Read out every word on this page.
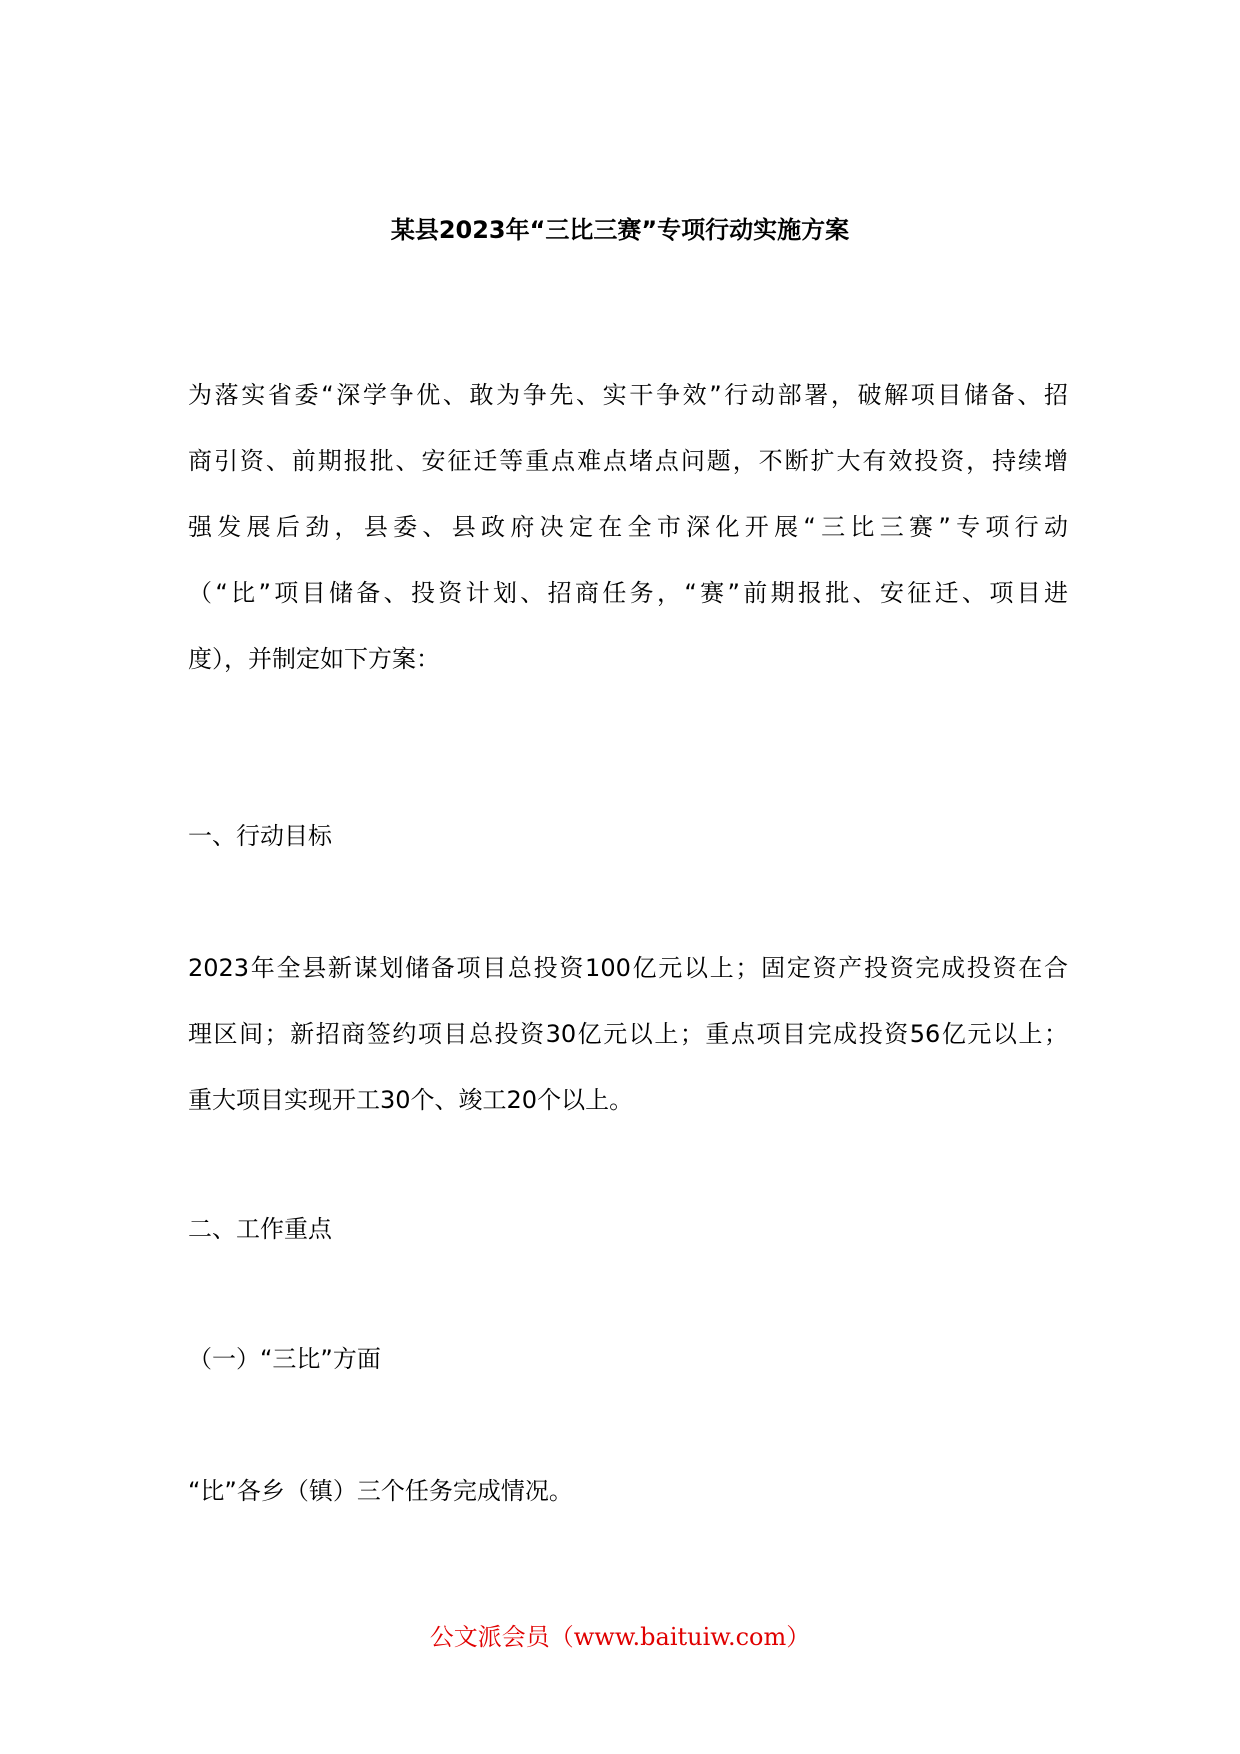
某县2023年“三比三赛”专项行动实施方案
为落实省委“深学争优、敢为争先、实干争效”行动部署，破解项目储备、招
商引资、前期报批、安征迁等重点难点堵点问题，不断扩大有效投资，持续增
强发展后劲，县委、县政府决定在全市深化开展“三比三赛”专项行动
（“比”项目储备、投资计划、招商任务，“赛”前期报批、安征迁、项目进
度），并制定如下方案：
一、行动目标
2023年全县新谋划储备项目总投资100亿元以上；固定资产投资完成投资在合
理区间；新招商签约项目总投资30亿元以上；重点项目完成投资56亿元以上；
重大项目实现开工30个、竣工20个以上。
二、工作重点
（一）“三比”方面
“比”各乡（镇）三个任务完成情况。
公文派会员（www.baituiw.com）
